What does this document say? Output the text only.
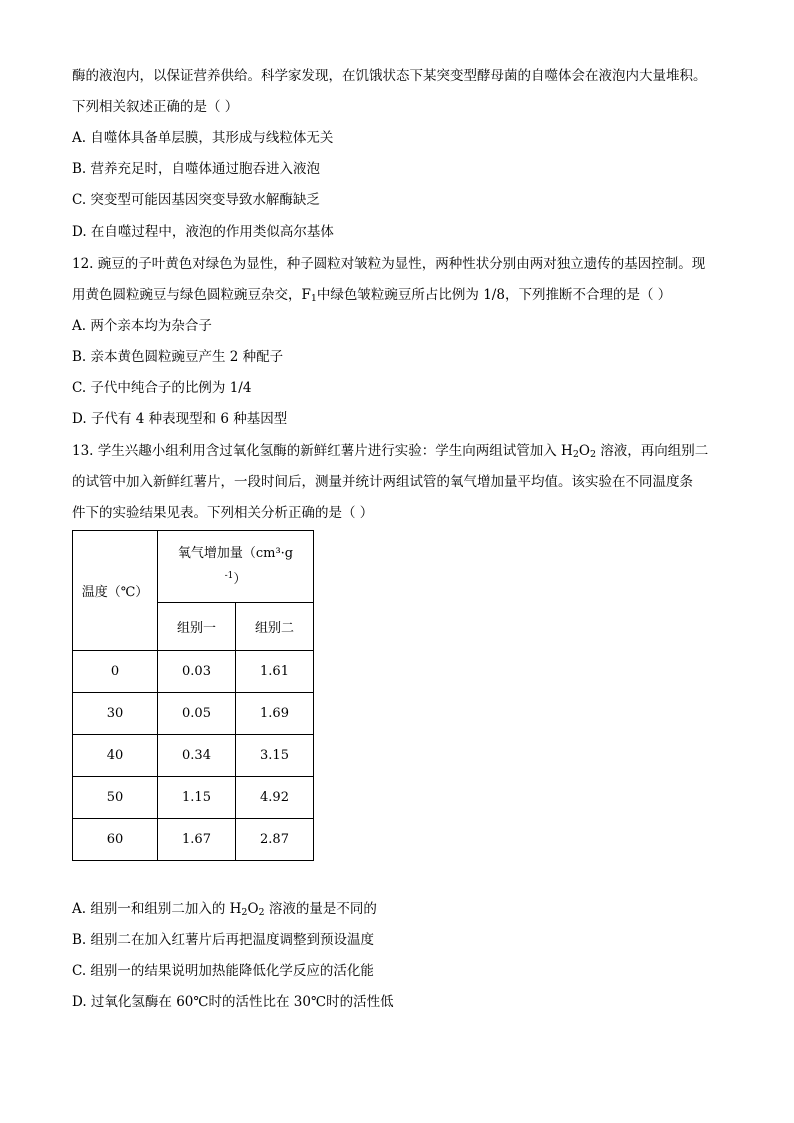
酶的液泡内，以保证营养供给。科学家发现，在饥饿状态下某突变型酵母菌的自噬体会在液泡内大量堆积。
下列相关叙述正确的是（ ）
A. 自噬体具备单层膜，其形成与线粒体无关
B. 营养充足时，自噬体通过胞吞进入液泡
C. 突变型可能因基因突变导致水解酶缺乏
D. 在自噬过程中，液泡的作用类似高尔基体
12. 豌豆的子叶黄色对绿色为显性，种子圆粒对皱粒为显性，两种性状分别由两对独立遗传的基因控制。现
用黄色圆粒豌豆与绿色圆粒豌豆杂交，$F_1$中绿色皱粒豌豆所占比例为 1/8，下列推断不合理的是（ ）
A. 两个亲本均为杂合子
B. 亲本黄色圆粒豌豆产生 2 种配子
C. 子代中纯合子的比例为 1/4
D. 子代有 4 种表现型和 6 种基因型
13. 学生兴趣小组利用含过氧化氢酶的新鲜红薯片进行实验：学生向两组试管加入 $H_2O_2$ 溶液，再向组别二
的试管中加入新鲜红薯片，一段时间后，测量并统计两组试管的氧气增加量平均值。该实验在不同温度条
件下的实验结果见表。下列相关分析正确的是（ ）
温度（℃）	氧气增加量（cm³·g
$^{-1}$）	
	组别一	组别二
0	0.03	1.61
30	0.05	1.69
40	0.34	3.15
50	1.15	4.92
60	1.67	2.87
A. 组别一和组别二加入的 $H_2O_2$ 溶液的量是不同的
B. 组别二在加入红薯片后再把温度调整到预设温度
C. 组别一的结果说明加热能降低化学反应的活化能
D. 过氧化氢酶在 60℃时的活性比在 30℃时的活性低
